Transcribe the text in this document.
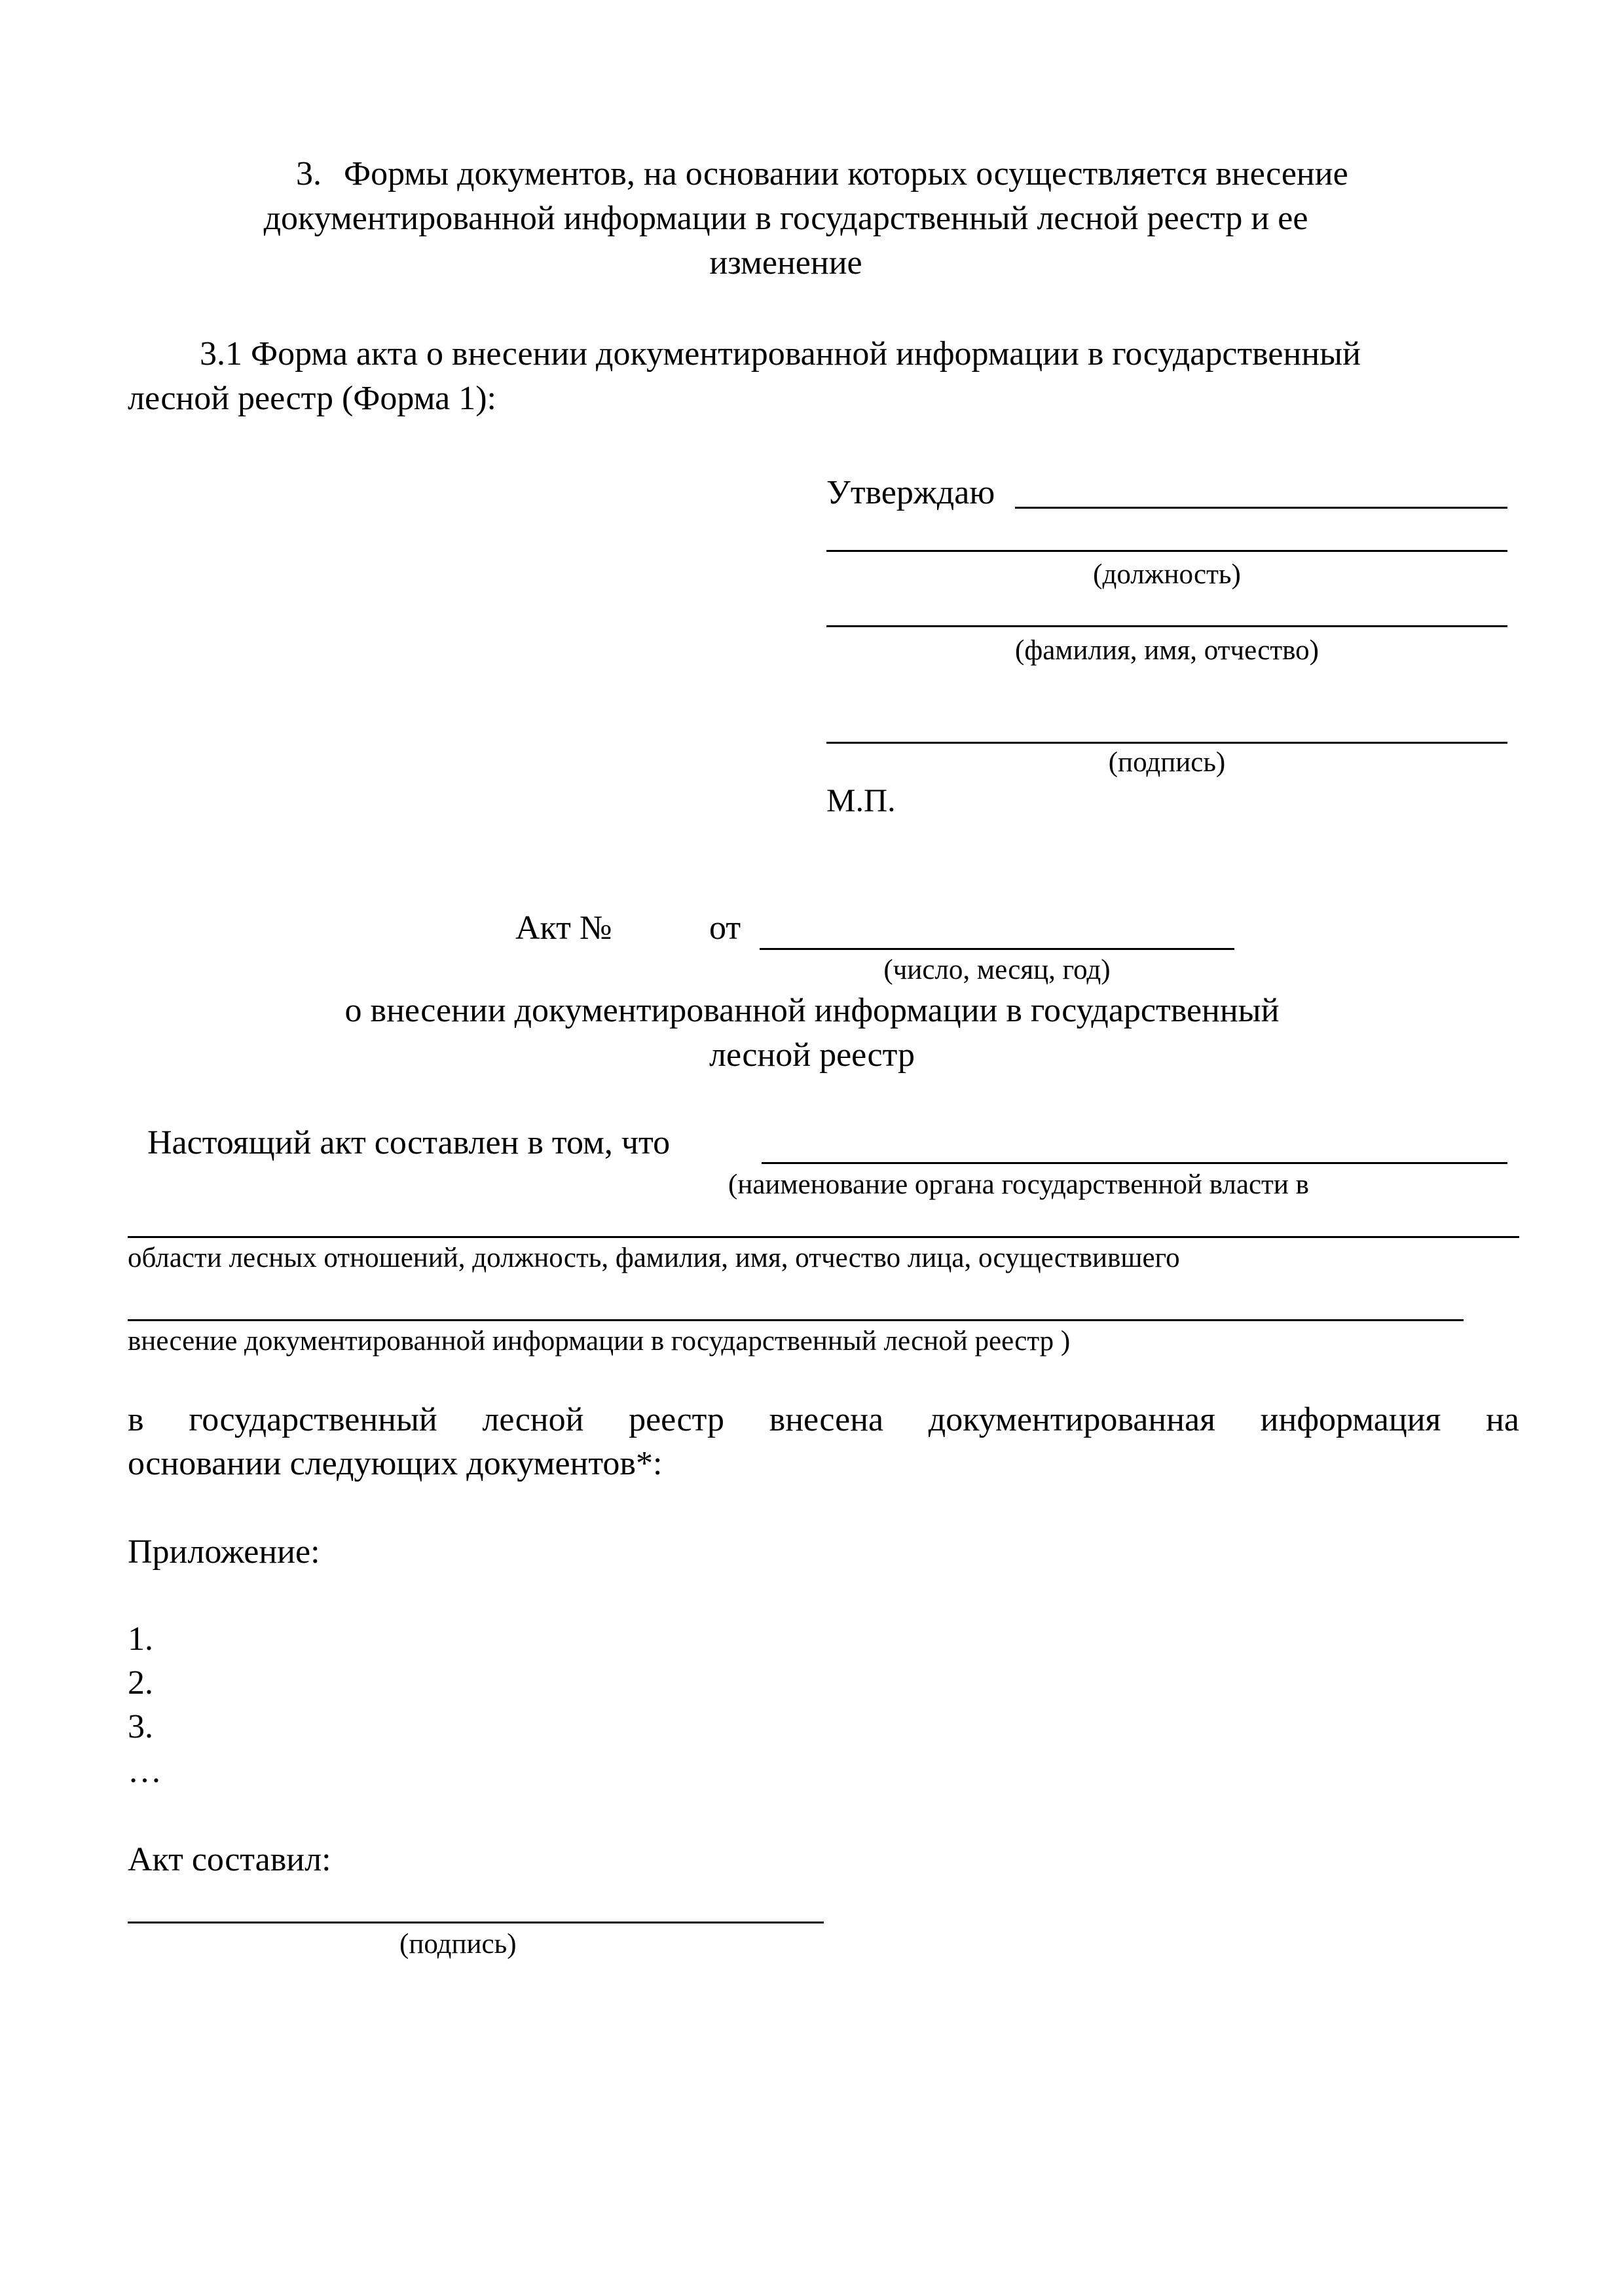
3. Формы документов, на основании которых осуществляется внесение
документированной информации в государственный лесной реестр и ее
изменение
3.1 Форма акта о внесении документированной информации в государственный
лесной реестр (Форма 1):
Утверждаю
(должность)
(фамилия, имя, отчество)
(подпись)
М.П.
Акт №	от
(число, месяц, год)
о внесении документированной информации в государственный
лесной реестр
Настоящий акт составлен в том, что
(наименование органа государственной власти в
области лесных отношений, должность, фамилия, имя, отчество лица, осуществившего
внесение документированной информации в государственный лесной реестр )
в государственный лесной реестр внесена документированная информация на
основании следующих документов*:
Приложение:
1.
2.
3.
…
Акт составил:
(подпись)
